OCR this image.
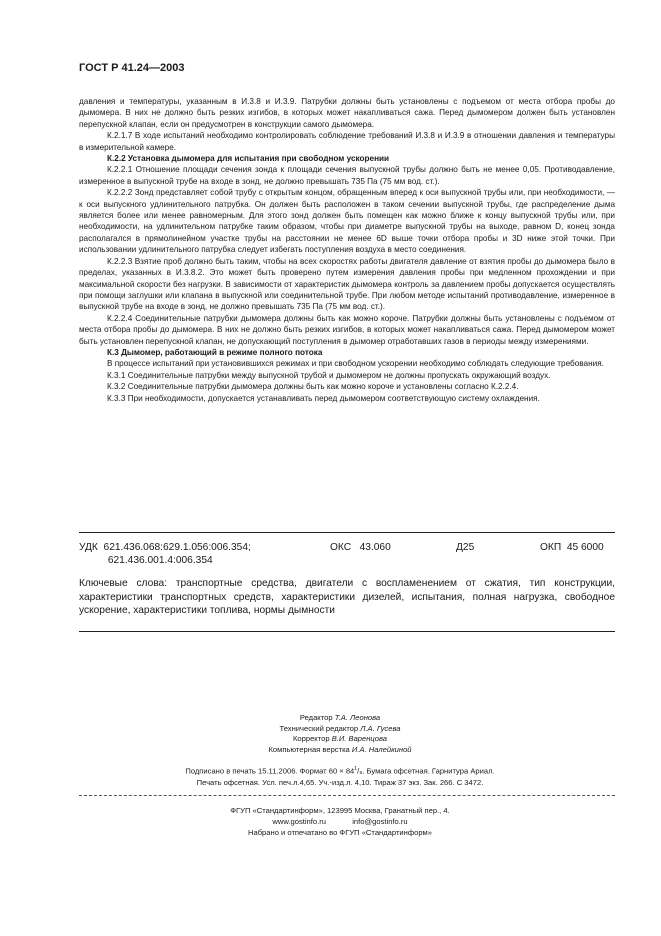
ГОСТ Р 41.24—2003

давления и температуры, указанным в И.3.8 и И.3.9. Патрубки должны быть установлены с подъемом от места отбора пробы до дымомера. В них не должно быть резких изгибов, в которых может накапливаться сажа. Перед дымомером должен быть установлен перепускной клапан, если он предусмотрен в конструкции самого дымомера.

К.2.1.7 В ходе испытаний необходимо контролировать соблюдение требований И.3.8 и И.3.9 в отношении давления и температуры в измерительной камере.

К.2.2 Установка дымомера для испытания при свободном ускорении

К.2.2.1 Отношение площади сечения зонда к площади сечения выпускной трубы должно быть не менее 0,05. Противодавление, измеренное в выпускной трубе на входе в зонд, не должно превышать 735 Па (75 мм вод. ст.).

К.2.2.2 Зонд представляет собой трубу с открытым концом, обращенным вперед к оси выпускной трубы или, при необходимости, — к оси выпускного удлинительного патрубка. Он должен быть расположен в таком сечении выпускной трубы, где распределение дыма является более или менее равномерным. Для этого зонд должен быть помещен как можно ближе к концу выпускной трубы или, при необходимости, на удлинительном патрубке таким образом, чтобы при диаметре выпускной трубы на выходе, равном D, конец зонда располагался в прямолинейном участке трубы на расстоянии не менее 6D выше точки отбора пробы и 3D ниже этой точки. При использовании удлинительного патрубка следует избегать поступления воздуха в место соединения.

К.2.2.3 Взятие проб должно быть таким, чтобы на всех скоростях работы двигателя давление от взятия пробы до дымомера было в пределах, указанных в И.3.8.2. Это может быть проверено путем измерения давления пробы при медленном прохождении и при максимальной скорости без нагрузки. В зависимости от характеристик дымомера контроль за давлением пробы допускается осуществлять при помощи заглушки или клапана в выпускной или соединительной трубе. При любом методе испытаний противодавление, измеренное в выпускной трубе на входе в зонд, не должно превышать 735 Па (75 мм вод. ст.).

К.2.2.4 Соединительные патрубки дымомера должны быть как можно короче. Патрубки должны быть установлены с подъемом от места отбора пробы до дымомера. В них не должно быть резких изгибов, в которых может накапливаться сажа. Перед дымомером может быть установлен перепускной клапан, не допускающий поступления в дымомер отработавших газов в периоды между измерениями.

К.3 Дымомер, работающий в режиме полного потока

В процессе испытаний при установившихся режимах и при свободном ускорении необходимо соблюдать следующие требования.

К.3.1 Соединительные патрубки между выпускной трубой и дымомером не должны пропускать окружающий воздух.

К.3.2 Соединительные патрубки дымомера должны быть как можно короче и установлены согласно К.2.2.4.

К.3.3 При необходимости, допускается устанавливать перед дымомером соответствующую систему охлаждения.

УДК 621.436.068:629.1.056:006.354;
621.436.001.4:006.354
ОКС 43.060	Д25	ОКП 45 6000
Ключевые слова: транспортные средства, двигатели с воспламенением от сжатия, тип конструкции, характеристики транспортных средств, характеристики дизелей, испытания, полная нагрузка, свободное ускорение, характеристики топлива, нормы дымности
Редактор Т.А. Леонова
Технический редактор Л.А. Гусева
Корректор В.И. Варенцова
Компьютерная верстка И.А. Налейкиной
Подписано в печать 15.11.2006. Формат $60 \times 84^1/_8$. Бумага офсетная. Гарнитура Ариал.
Печать офсетная. Усл. печ.л.4,65. Уч.-изд.л. 4,10. Тираж 37 экз. Зак. 266. С 3472.
ФГУП «Стандартинформ», 123995 Москва, Гранатный пер., 4.
www.gostinfo.ru	info@gostinfo.ru
Набрано и отпечатано во ФГУП «Стандартинформ»
